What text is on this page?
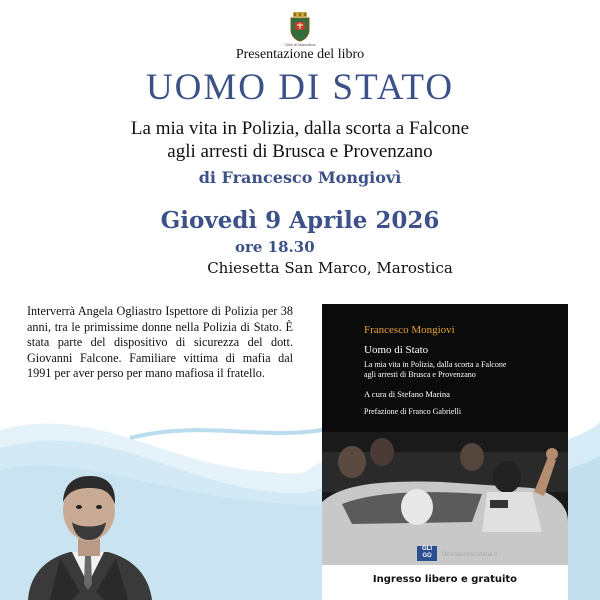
Città di Marostica
Presentazione del libro
UOMO DI STATO
La mia vita in Polizia, dalla scorta a Falcone
agli arresti di Brusca e Provenzano
di Francesco Mongiovì
Giovedì 9 Aprile 2026
ore 18.30
Chiesetta San Marco, Marostica
Interverrà Angela Ogliastro Ispettore di Polizia per 38 anni, tra le primissime donne nella Polizia di Stato. È stata parte del dispositivo di sicurezza del dott. Giovanni Falcone. Familiare vittima di mafia dal 1991 per aver perso per mano mafiosa il fratello.
Francesco Mongiovì
Uomo di Stato
La mia vita in Polizia, dalla scorta a Falcone
agli arresti di Brusca e Provenzano
A cura di Stefano Marina
Prefazione di Franco Gabrielli
GLI GO	libreriauniversitaria.it
Ingresso libero e gratuito
